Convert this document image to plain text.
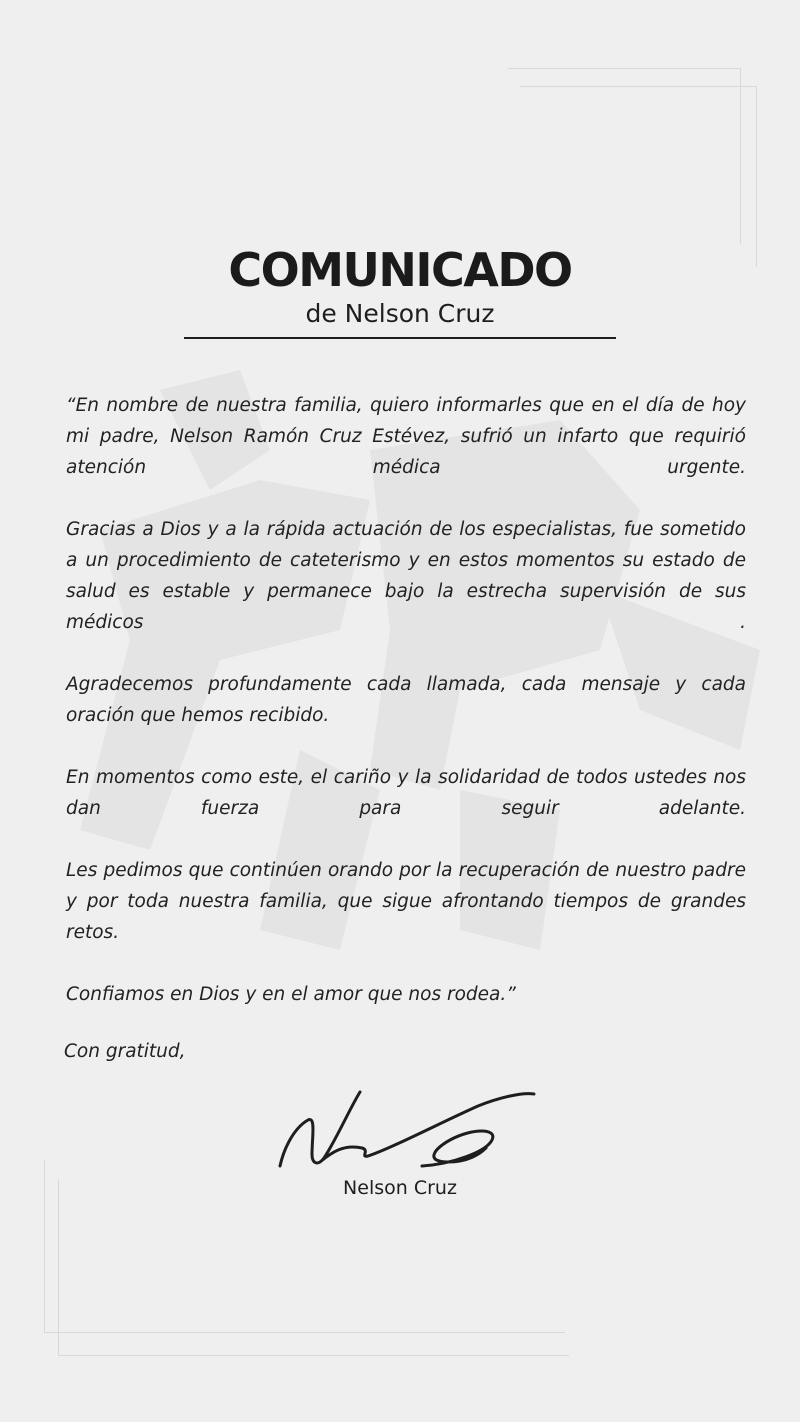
COMUNICADO
de Nelson Cruz

“En nombre de nuestra familia, quiero informarles que en el día de hoy mi padre, Nelson Ramón Cruz Estévez, sufrió un infarto que requirió atención médica urgente.

Gracias a Dios y a la rápida actuación de los especialistas, fue sometido a un procedimiento de cateterismo y en estos momentos su estado de salud es estable y permanece bajo la estrecha supervisión de sus médicos .

Agradecemos profundamente cada llamada, cada mensaje y cada oración que hemos recibido.

En momentos como este, el cariño y la solidaridad de todos ustedes nos dan fuerza para seguir adelante.

Les pedimos que continúen orando por la recuperación de nuestro padre y por toda nuestra familia, que sigue afrontando tiempos de grandes retos.

Confiamos en Dios y en el amor que nos rodea.”

Con gratitud,
Nelson Cruz
